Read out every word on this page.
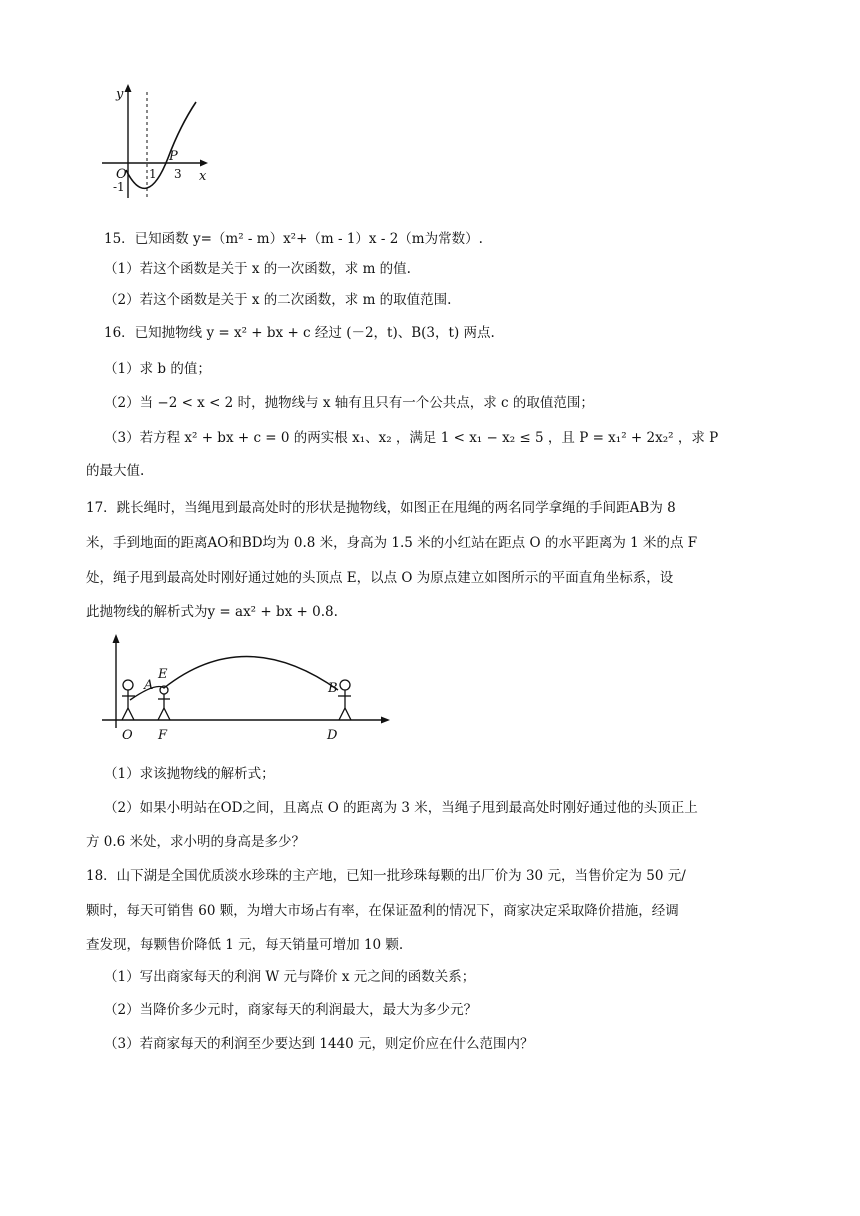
y
x
O
P
1 3
-1
15．已知函数 y=（m² - m）x²+（m - 1）x - 2（m为常数）.
（1）若这个函数是关于 x 的一次函数，求 m 的值.
（2）若这个函数是关于 x 的二次函数，求 m 的取值范围.
16．已知抛物线 y = x² + bx + c 经过 (－2，t)、B(3，t) 两点.
（1）求 b 的值；
（2）当 −2 < x < 2 时，抛物线与 x 轴有且只有一个公共点，求 c 的取值范围；
（3）若方程 x² + bx + c = 0 的两实根 x₁、x₂ ，满足 1 < x₁ − x₂ ≤ 5 ，且 P = x₁² + 2x₂² ，求 P
的最大值.
17．跳长绳时，当绳甩到最高处时的形状是抛物线，如图正在甩绳的两名同学拿绳的手间距AB为 8
米，手到地面的距离AO和BD均为 0.8 米，身高为 1.5 米的小红站在距点 O 的水平距离为 1 米的点 F
处，绳子甩到最高处时刚好通过她的头顶点 E，以点 O 为原点建立如图所示的平面直角坐标系，设
此抛物线的解析式为y = ax² + bx + 0.8.
A
E
B
O F	D
（1）求该抛物线的解析式；
（2）如果小明站在OD之间，且离点 O 的距离为 3 米，当绳子甩到最高处时刚好通过他的头顶正上
方 0.6 米处，求小明的身高是多少？
18．山下湖是全国优质淡水珍珠的主产地，已知一批珍珠每颗的出厂价为 30 元，当售价定为 50 元/
颗时，每天可销售 60 颗，为增大市场占有率，在保证盈利的情况下，商家决定采取降价措施，经调
查发现，每颗售价降低 1 元，每天销量可增加 10 颗.
（1）写出商家每天的利润 W 元与降价 x 元之间的函数关系；
（2）当降价多少元时，商家每天的利润最大，最大为多少元？
（3）若商家每天的利润至少要达到 1440 元，则定价应在什么范围内？
